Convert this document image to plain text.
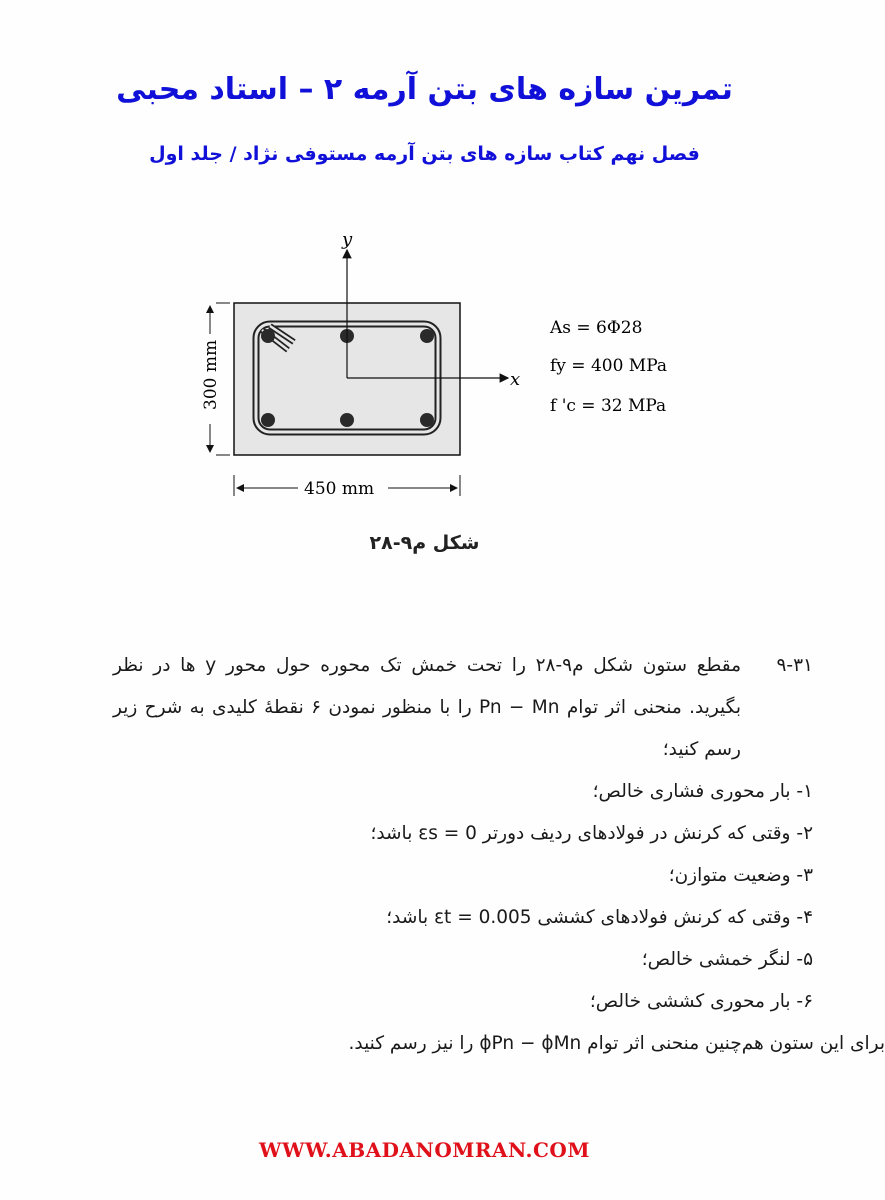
تمرین سازه های بتن آرمه ۲ – استاد محبی
فصل نهم کتاب سازه های بتن آرمه مستوفی نژاد / جلد اول
y
x
300 mm
450 mm
As = 6Φ28
fy = 400 MPa
f 'c = 32 MPa
شکل م۹-۲۸
۹-۳۱
مقطع ستون شکل م۹-۲۸ را تحت خمش تک محوره حول محور y ها در نظر بگیرید. منحنی اثر توام Pn − Mn را با منظور نمودن ۶ نقطهٔ کلیدی به شرح زیر رسم کنید؛
۱- بار محوری فشاری خالص؛
۲- وقتی که کرنش در فولادهای ردیف دورتر εs = 0 باشد؛
۳- وضعیت متوازن؛
۴- وقتی که کرنش فولادهای کششی εt = 0.005 باشد؛
۵- لنگر خمشی خالص؛
۶- بار محوری کششی خالص؛
برای این ستون هم‌چنین منحنی اثر توام ϕPn − ϕMn را نیز رسم کنید.
WWW.ABADANOMRAN.COM
